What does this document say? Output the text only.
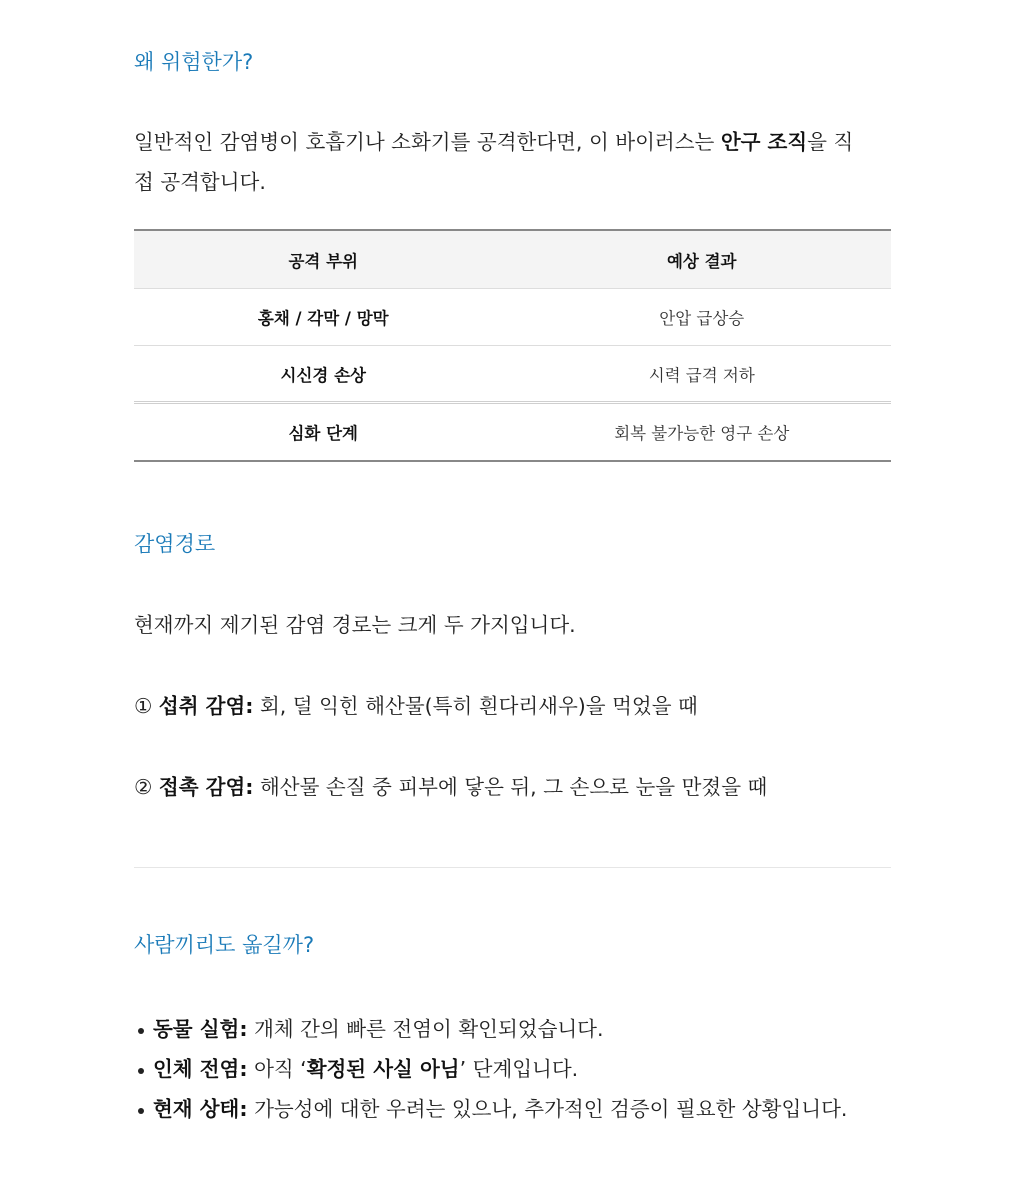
왜 위험한가?

일반적인 감염병이 호흡기나 소화기를 공격한다면, 이 바이러스는 안구 조직을 직
접 공격합니다.

공격 부위	예상 결과
홍채 / 각막 / 망막	안압 급상승
시신경 손상	시력 급격 저하
심화 단계	회복 불가능한 영구 손상
감염경로

현재까지 제기된 감염 경로는 크게 두 가지입니다.

① 섭취 감염: 회, 덜 익힌 해산물(특히 흰다리새우)을 먹었을 때

② 접촉 감염: 해산물 손질 중 피부에 닿은 뒤, 그 손으로 눈을 만졌을 때

사람끼리도 옮길까?
동물 실험: 개체 간의 빠른 전염이 확인되었습니다.
인체 전염: 아직 ‘확정된 사실 아님’ 단계입니다.
현재 상태: 가능성에 대한 우려는 있으나, 추가적인 검증이 필요한 상황입니다.
